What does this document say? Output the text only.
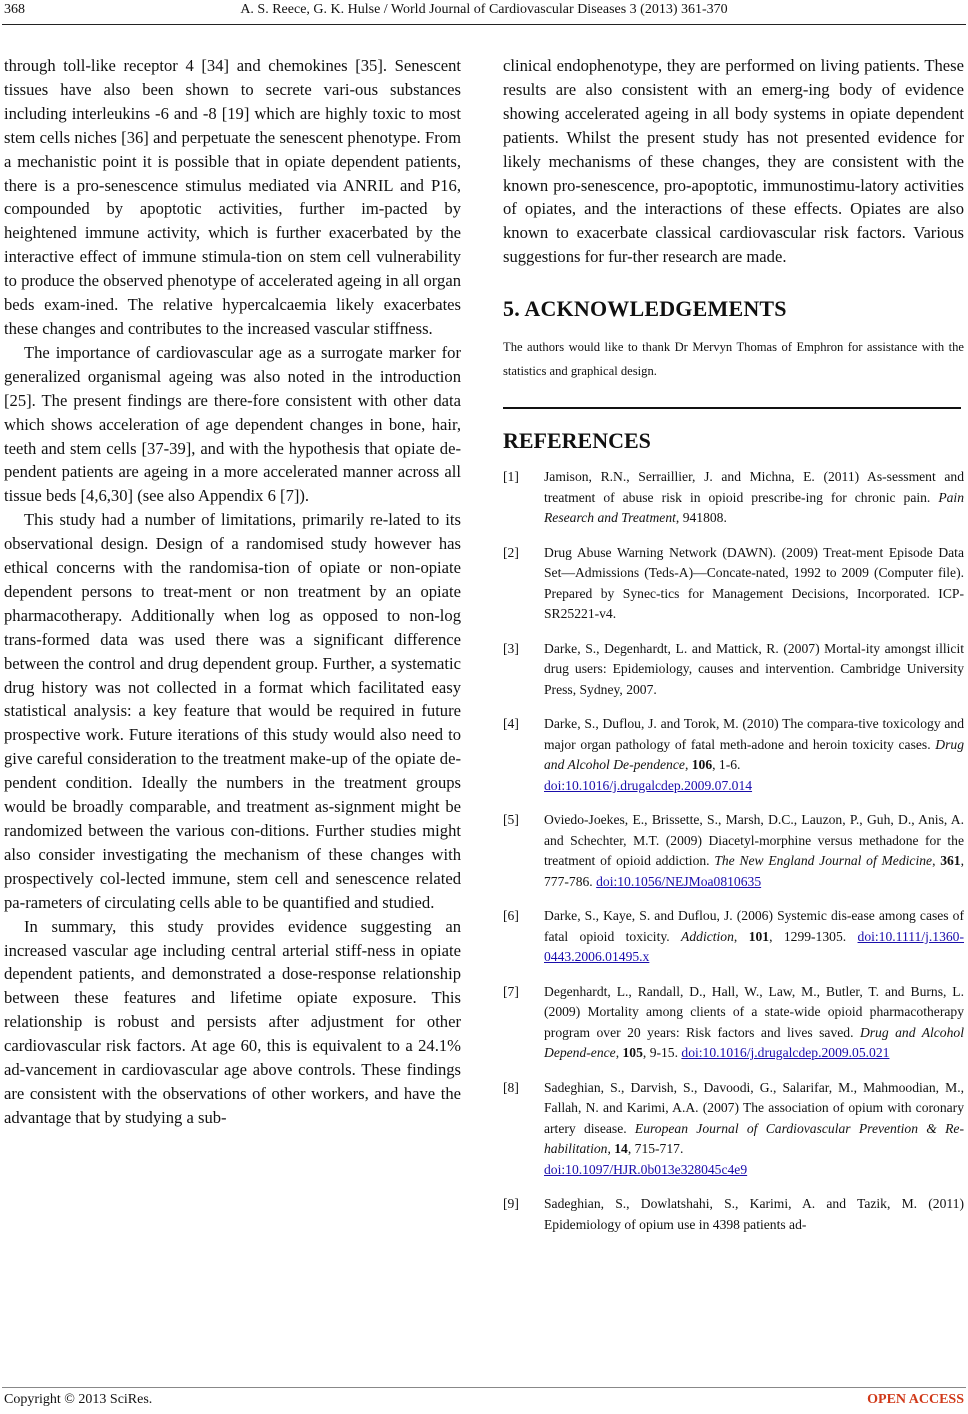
368	A. S. Reece, G. K. Hulse / World Journal of Cardiovascular Diseases 3 (2013) 361-370

through toll-like receptor 4 [34] and chemokines [35]. Senescent tissues have also been shown to secrete vari-ous substances including interleukins -6 and -8 [19] which are highly toxic to most stem cells niches [36] and perpetuate the senescent phenotype. From a mechanistic point it is possible that in opiate dependent patients, there is a pro-senescence stimulus mediated via ANRIL and P16, compounded by apoptotic activities, further im-pacted by heightened immune activity, which is further exacerbated by the interactive effect of immune stimula-tion on stem cell vulnerability to produce the observed phenotype of accelerated ageing in all organ beds exam-ined. The relative hypercalcaemia likely exacerbates these changes and contributes to the increased vascular stiffness.

The importance of cardiovascular age as a surrogate marker for generalized organismal ageing was also noted in the introduction [25]. The present findings are there-fore consistent with other data which shows acceleration of age dependent changes in bone, hair, teeth and stem cells [37-39], and with the hypothesis that opiate de-pendent patients are ageing in a more accelerated manner across all tissue beds [4,6,30] (see also Appendix 6 [7]).

This study had a number of limitations, primarily re-lated to its observational design. Design of a randomised study however has ethical concerns with the randomisa-tion of opiate or non-opiate dependent persons to treat-ment or non treatment by an opiate pharmacotherapy. Additionally when log as opposed to non-log trans-formed data was used there was a significant difference between the control and drug dependent group. Further, a systematic drug history was not collected in a format which facilitated easy statistical analysis: a key feature that would be required in future prospective work. Future iterations of this study would also need to give careful consideration to the treatment make-up of the opiate de-pendent condition. Ideally the numbers in the treatment groups would be broadly comparable, and treatment as-signment might be randomized between the various con-ditions. Further studies might also consider investigating the mechanism of these changes with prospectively col-lected immune, stem cell and senescence related pa-rameters of circulating cells able to be quantified and studied.

In summary, this study provides evidence suggesting an increased vascular age including central arterial stiff-ness in opiate dependent patients, and demonstrated a dose-response relationship between these features and lifetime opiate exposure. This relationship is robust and persists after adjustment for other cardiovascular risk factors. At age 60, this is equivalent to a 24.1% ad-vancement in cardiovascular age above controls. These findings are consistent with the observations of other workers, and have the advantage that by studying a sub-

clinical endophenotype, they are performed on living patients. These results are also consistent with an emerg-ing body of evidence showing accelerated ageing in all body systems in opiate dependent patients. Whilst the present study has not presented evidence for likely mechanisms of these changes, they are consistent with the known pro-senescence, pro-apoptotic, immunostimu-latory activities of opiates, and the interactions of these effects. Opiates are also known to exacerbate classical cardiovascular risk factors. Various suggestions for fur-ther research are made.

5. ACKNOWLEDGEMENTS

The authors would like to thank Dr Mervyn Thomas of Emphron for assistance with the statistics and graphical design.

REFERENCES
[1]	Jamison, R.N., Serraillier, J. and Michna, E. (2011) As-sessment and treatment of abuse risk in opioid prescribe-ing for chronic pain. Pain Research and Treatment, 941808.
[2]	Drug Abuse Warning Network (DAWN). (2009) Treat-ment Episode Data Set—Admissions (Teds-A)—Concate-nated, 1992 to 2009 (Computer file). Prepared by Synec-tics for Management Decisions, Incorporated. ICP-SR25221-v4.
[3]	Darke, S., Degenhardt, L. and Mattick, R. (2007) Mortal-ity amongst illicit drug users: Epidemiology, causes and intervention. Cambridge University Press, Sydney, 2007.
[4]	Darke, S., Duflou, J. and Torok, M. (2010) The compara-tive toxicology and major organ pathology of fatal meth-adone and heroin toxicity cases. Drug and Alcohol De-pendence, 106, 1-6.
doi:10.1016/j.drugalcdep.2009.07.014
[5]	Oviedo-Joekes, E., Brissette, S., Marsh, D.C., Lauzon, P., Guh, D., Anis, A. and Schechter, M.T. (2009) Diacetyl-morphine versus methadone for the treatment of opioid addiction. The New England Journal of Medicine, 361, 777-786. doi:10.1056/NEJMoa0810635
[6]	Darke, S., Kaye, S. and Duflou, J. (2006) Systemic dis-ease among cases of fatal opioid toxicity. Addiction, 101, 1299-1305. doi:10.1111/j.1360-0443.2006.01495.x
[7]	Degenhardt, L., Randall, D., Hall, W., Law, M., Butler, T. and Burns, L. (2009) Mortality among clients of a state-wide opioid pharmacotherapy program over 20 years: Risk factors and lives saved. Drug and Alcohol Depend-ence, 105, 9-15. doi:10.1016/j.drugalcdep.2009.05.021
[8]	Sadeghian, S., Darvish, S., Davoodi, G., Salarifar, M., Mahmoodian, M., Fallah, N. and Karimi, A.A. (2007) The association of opium with coronary artery disease. European Journal of Cardiovascular Prevention & Re-habilitation, 14, 715-717.
doi:10.1097/HJR.0b013e328045c4e9
[9]	Sadeghian, S., Dowlatshahi, S., Karimi, A. and Tazik, M. (2011) Epidemiology of opium use in 4398 patients ad-
Copyright © 2013 SciRes.	OPEN ACCESS
